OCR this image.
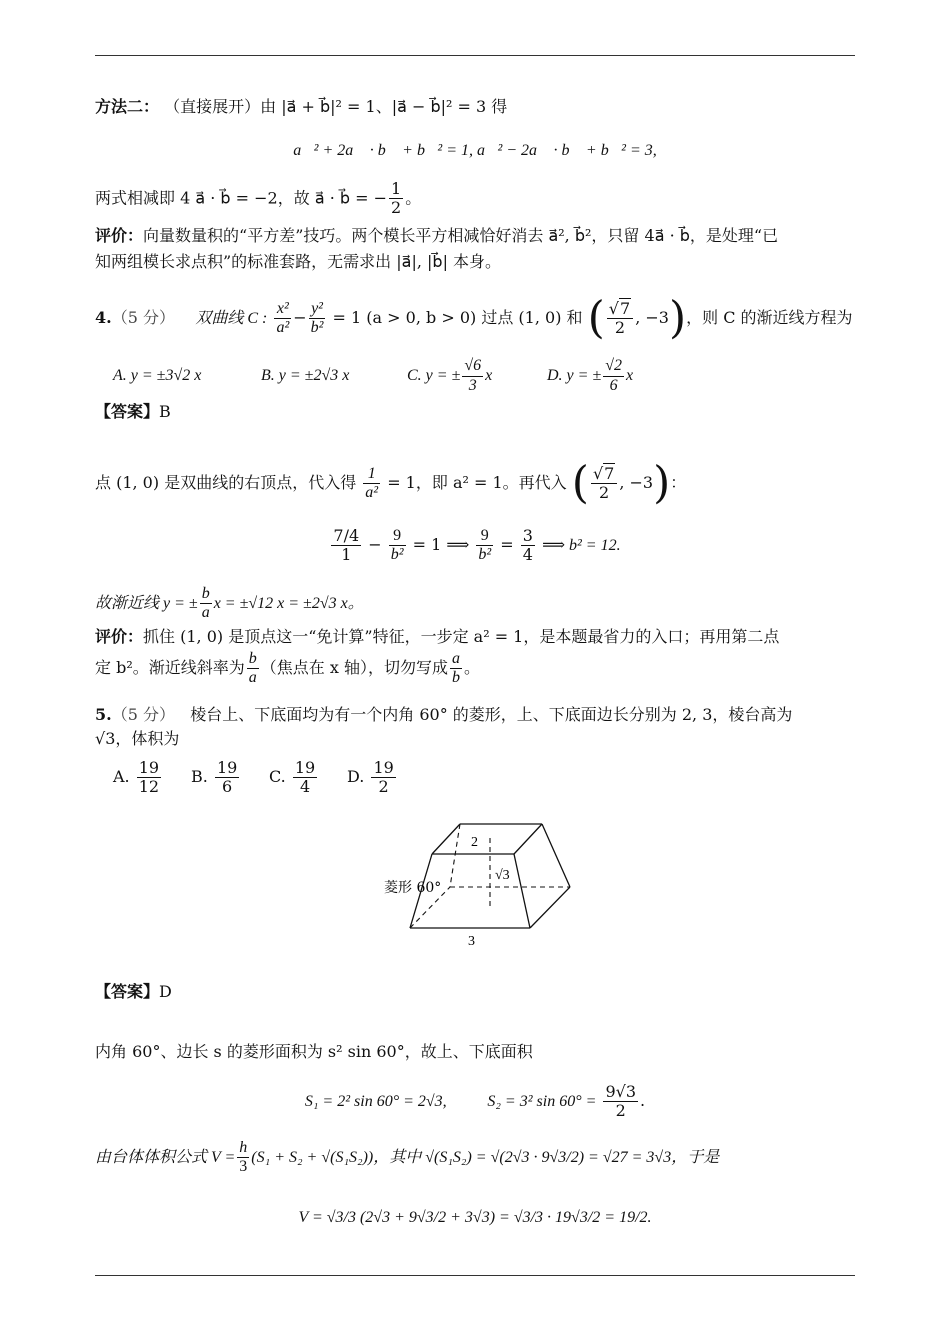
方法二： （直接展开）由 |a⃗ + b⃗|² = 1、|a⃗ − b⃗|² = 3 得
a⃗² + 2a⃗ · b⃗ + b⃗² = 1, a⃗² − 2a⃗ · b⃗ + b⃗² = 3,
两式相减即 4 a⃗ · b⃗ = −2，故 a⃗ · b⃗ = − $\frac{1}{2}$ 。
评价：向量数量积的“平方差”技巧。两个模长平方相减恰好消去 a⃗², b⃗²，只留 4a⃗ · b⃗，是处理“已
知两组模长求点积”的标准套路，无需求出 |a⃗|, |b⃗| 本身。
4.（5 分） 双曲线 C : $\frac{\text{x²}}{\text{a²}} - \frac{\text{y²}}{\text{b²}} = 1$ (a > 0, b > 0) 过点 (1, 0) 和 ( $\frac{√7}{2}$ , −3)，则 C 的渐近线方程为
A. y = ±3√2 x	B. y = ±2√3 x	C. y = ± $\frac{√6}{3}$ x	D. y = ± $\frac{√2}{6}$ x
【答案】B
点 (1, 0) 是双曲线的右顶点，代入得 $\frac{1}{\text{a²}} = 1$，即 a² = 1。再代入 ( $\frac{√7}{2}$ , −3)：
$\frac{7/4}{1} - \frac{9}{\text{b²}} = 1$ ⟹ $\frac{9}{\text{b²}} = \frac{3}{4}$ ⟹ b² = 12.
故渐近线 y = ± $\frac{b}{a}$ x = ±√12 x = ±2√3 x。
评价：抓住 (1, 0) 是顶点这一“免计算”特征，一步定 a² = 1，是本题最省力的入口；再用第二点
定 b²。渐近线斜率为 $\frac{b}{a}$ （焦点在 x 轴），切勿写成 $\frac{a}{b}$ 。
5.（5 分） 棱台上、下底面均为有一个内角 60° 的菱形，上、下底面边长分别为 2, 3，棱台高为
√3，体积为
A. $\frac{19}{12} B$. $\frac{19}{6} C$. $\frac{19}{4} D$. $\frac{19}{2}$
2
√3
菱形 60°
3
【答案】D
内角 60°、边长 s 的菱形面积为 s² sin 60°，故上、下底面积
S₁ = 2² sin 60° = 2√3,	S₂ = 3² $\sin 60^\circ = \frac{9√3}{2}$ .
由台体体积公式 $V = \frac{h}{3} (S_1 + S_2 + √(S_1S_2))$，其中 √(S₁S₂) = √(2√3 · 9√3/2) = √27 = 3√3，于是
V = √3/3 (2√3 + 9√3/2 + 3√3) = √3/3 · 19√3/2 = 19/2.
